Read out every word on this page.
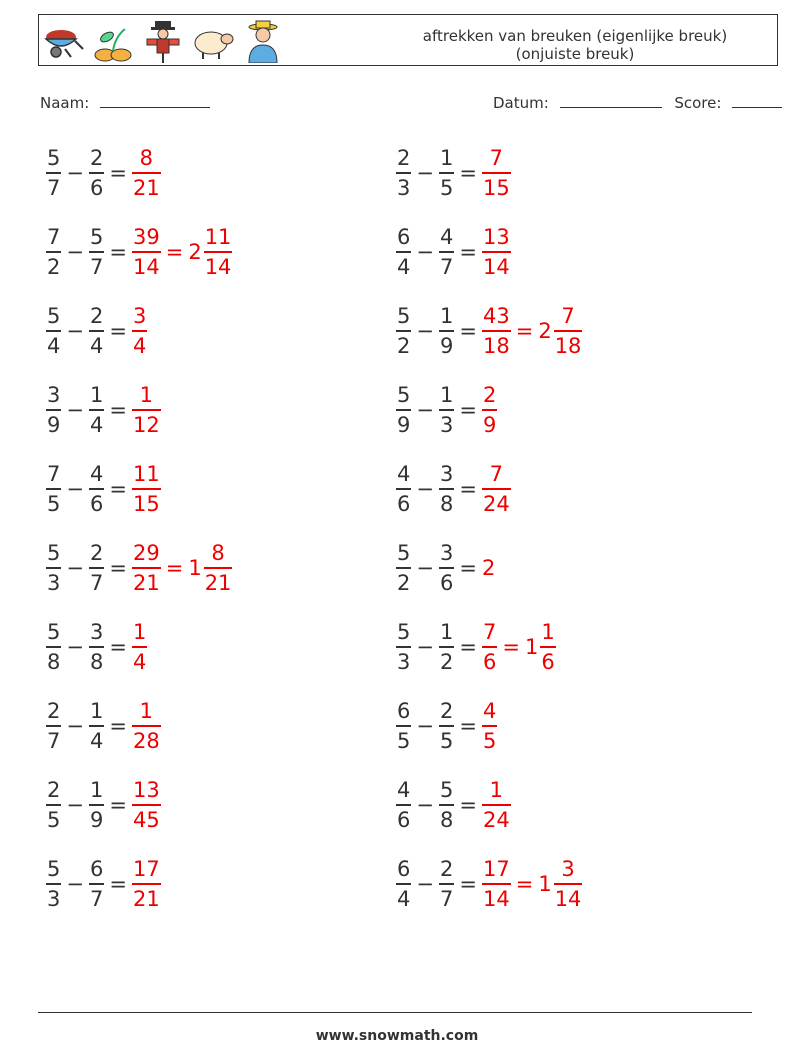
aftrekken van breuken (eigenlijke breuk)
(onjuiste breuk)
Naam:	Datum:	Score:
$\frac{5}{7} - \frac{2}{6} = \frac{8}{21}$	$\frac{2}{3} - \frac{1}{5} = \frac{7}{15}$
$\frac{7}{2} - \frac{5}{7} = \frac{39}{14} = 2 \frac{11}{14}$	$\frac{6}{4} - \frac{4}{7} = \frac{13}{14}$
$\frac{5}{4} - \frac{2}{4} = \frac{3}{4}$	$\frac{5}{2} - \frac{1}{9} = \frac{43}{18} = 2 \frac{7}{18}$
$\frac{3}{9} - \frac{1}{4} = \frac{1}{12}$	$\frac{5}{9} - \frac{1}{3} = \frac{2}{9}$
$\frac{7}{5} - \frac{4}{6} = \frac{11}{15}$	$\frac{4}{6} - \frac{3}{8} = \frac{7}{24}$
$\frac{5}{3} - \frac{2}{7} = \frac{29}{21} = 1 \frac{8}{21}$	$\frac{5}{2} - \frac{3}{6} = 2$
$\frac{5}{8} - \frac{3}{8} = \frac{1}{4}$	$\frac{5}{3} - \frac{1}{2} = \frac{7}{6} = 1 \frac{1}{6}$
$\frac{2}{7} - \frac{1}{4} = \frac{1}{28}$	$\frac{6}{5} - \frac{2}{5} = \frac{4}{5}$
$\frac{2}{5} - \frac{1}{9} = \frac{13}{45}$	$\frac{4}{6} - \frac{5}{8} = \frac{1}{24}$
$\frac{5}{3} - \frac{6}{7} = \frac{17}{21}$	$\frac{6}{4} - \frac{2}{7} = \frac{17}{14} = 1 \frac{3}{14}$
www.snowmath.com
